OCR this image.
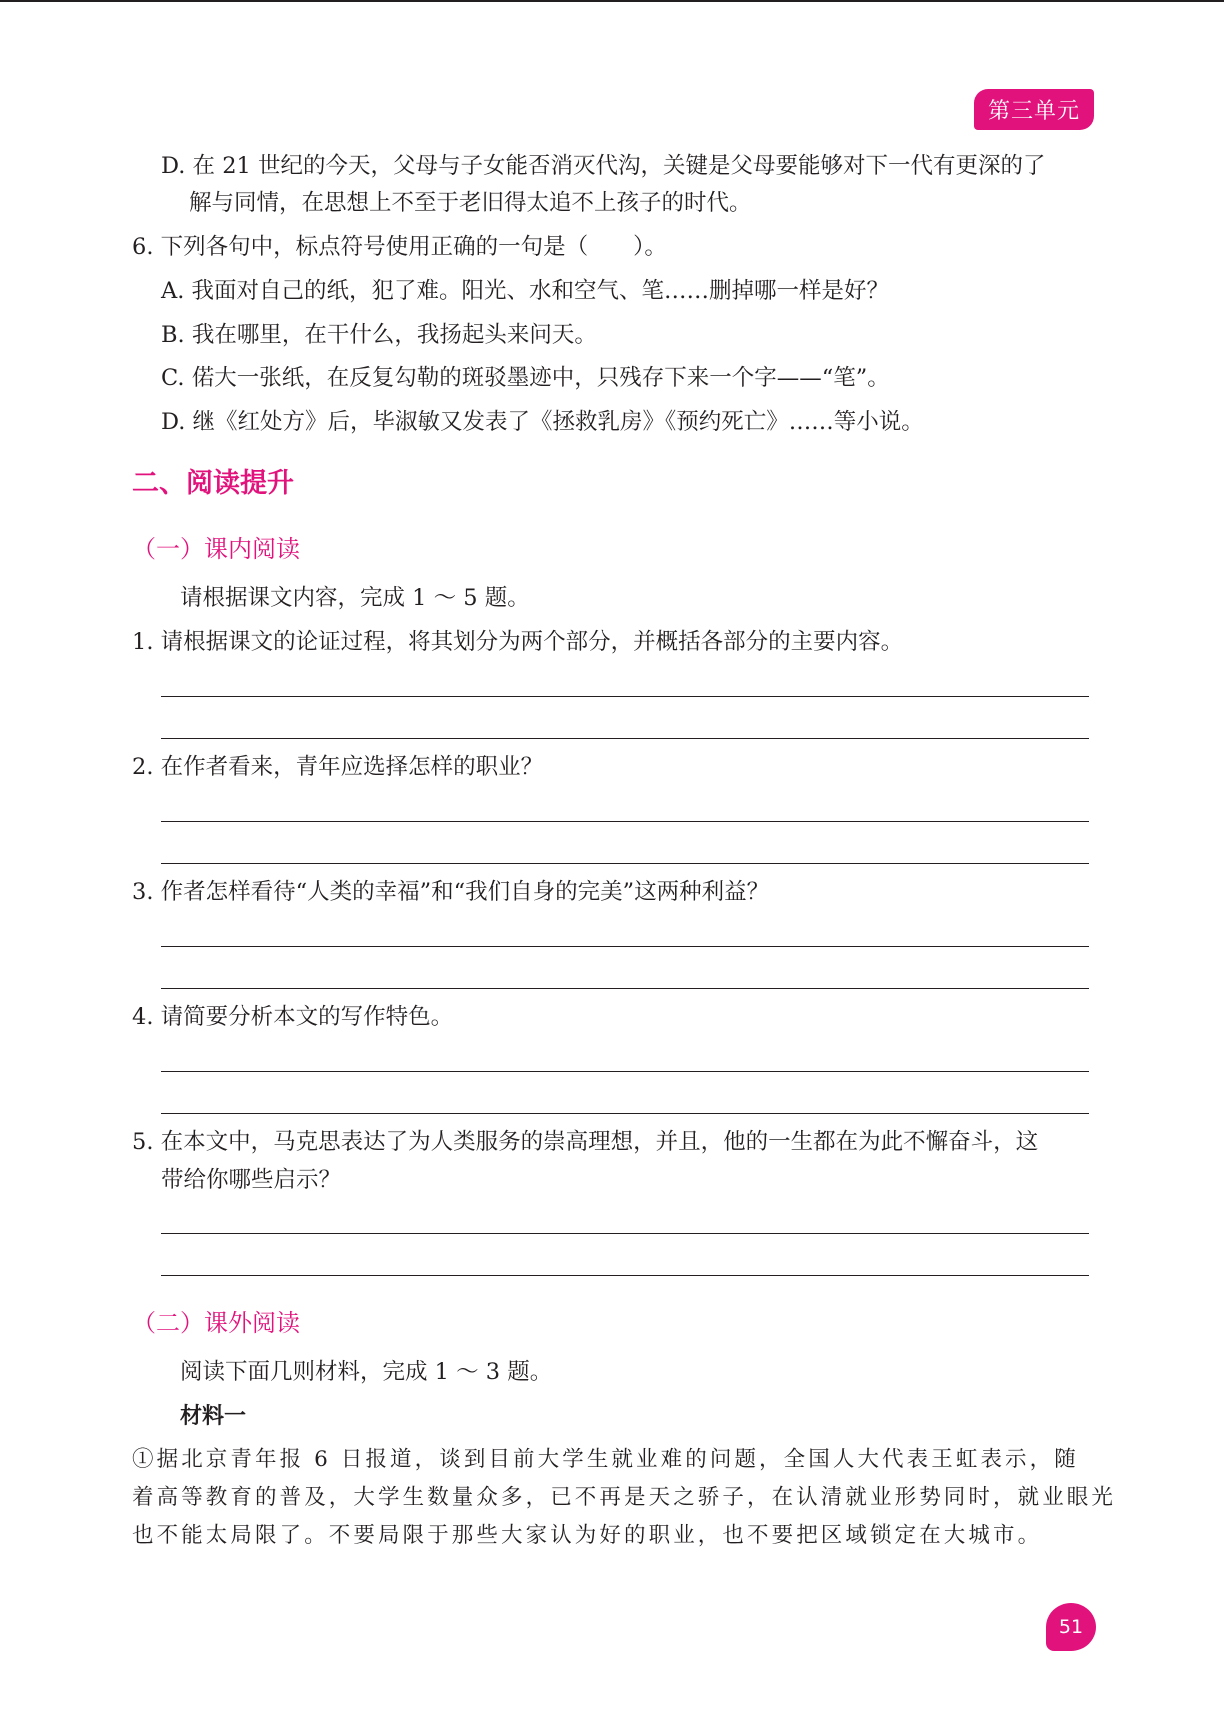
第三单元
D. 在 21 世纪的今天，父母与子女能否消灭代沟，关键是父母要能够对下一代有更深的了
解与同情，在思想上不至于老旧得太追不上孩子的时代。
6. 下列各句中，标点符号使用正确的一句是（　　）。
A. 我面对自己的纸，犯了难。阳光、水和空气、笔……删掉哪一样是好？
B. 我在哪里，在干什么，我扬起头来问天。
C. 偌大一张纸，在反复勾勒的斑驳墨迹中，只残存下来一个字——“笔”。
D. 继《红处方》后，毕淑敏又发表了《拯救乳房》《预约死亡》……等小说。
二、阅读提升
（一）课内阅读
请根据课文内容，完成 1 ～ 5 题。
1. 请根据课文的论证过程，将其划分为两个部分，并概括各部分的主要内容。
2. 在作者看来，青年应选择怎样的职业？
3. 作者怎样看待“人类的幸福”和“我们自身的完美”这两种利益？
4. 请简要分析本文的写作特色。
5. 在本文中，马克思表达了为人类服务的崇高理想，并且，他的一生都在为此不懈奋斗，这
带给你哪些启示？
（二）课外阅读
阅读下面几则材料，完成 1 ～ 3 题。
材料一
①据北京青年报 6 日报道，谈到目前大学生就业难的问题，全国人大代表王虹表示，随
着高等教育的普及，大学生数量众多，已不再是天之骄子，在认清就业形势同时，就业眼光
也不能太局限了。不要局限于那些大家认为好的职业，也不要把区域锁定在大城市。
51
